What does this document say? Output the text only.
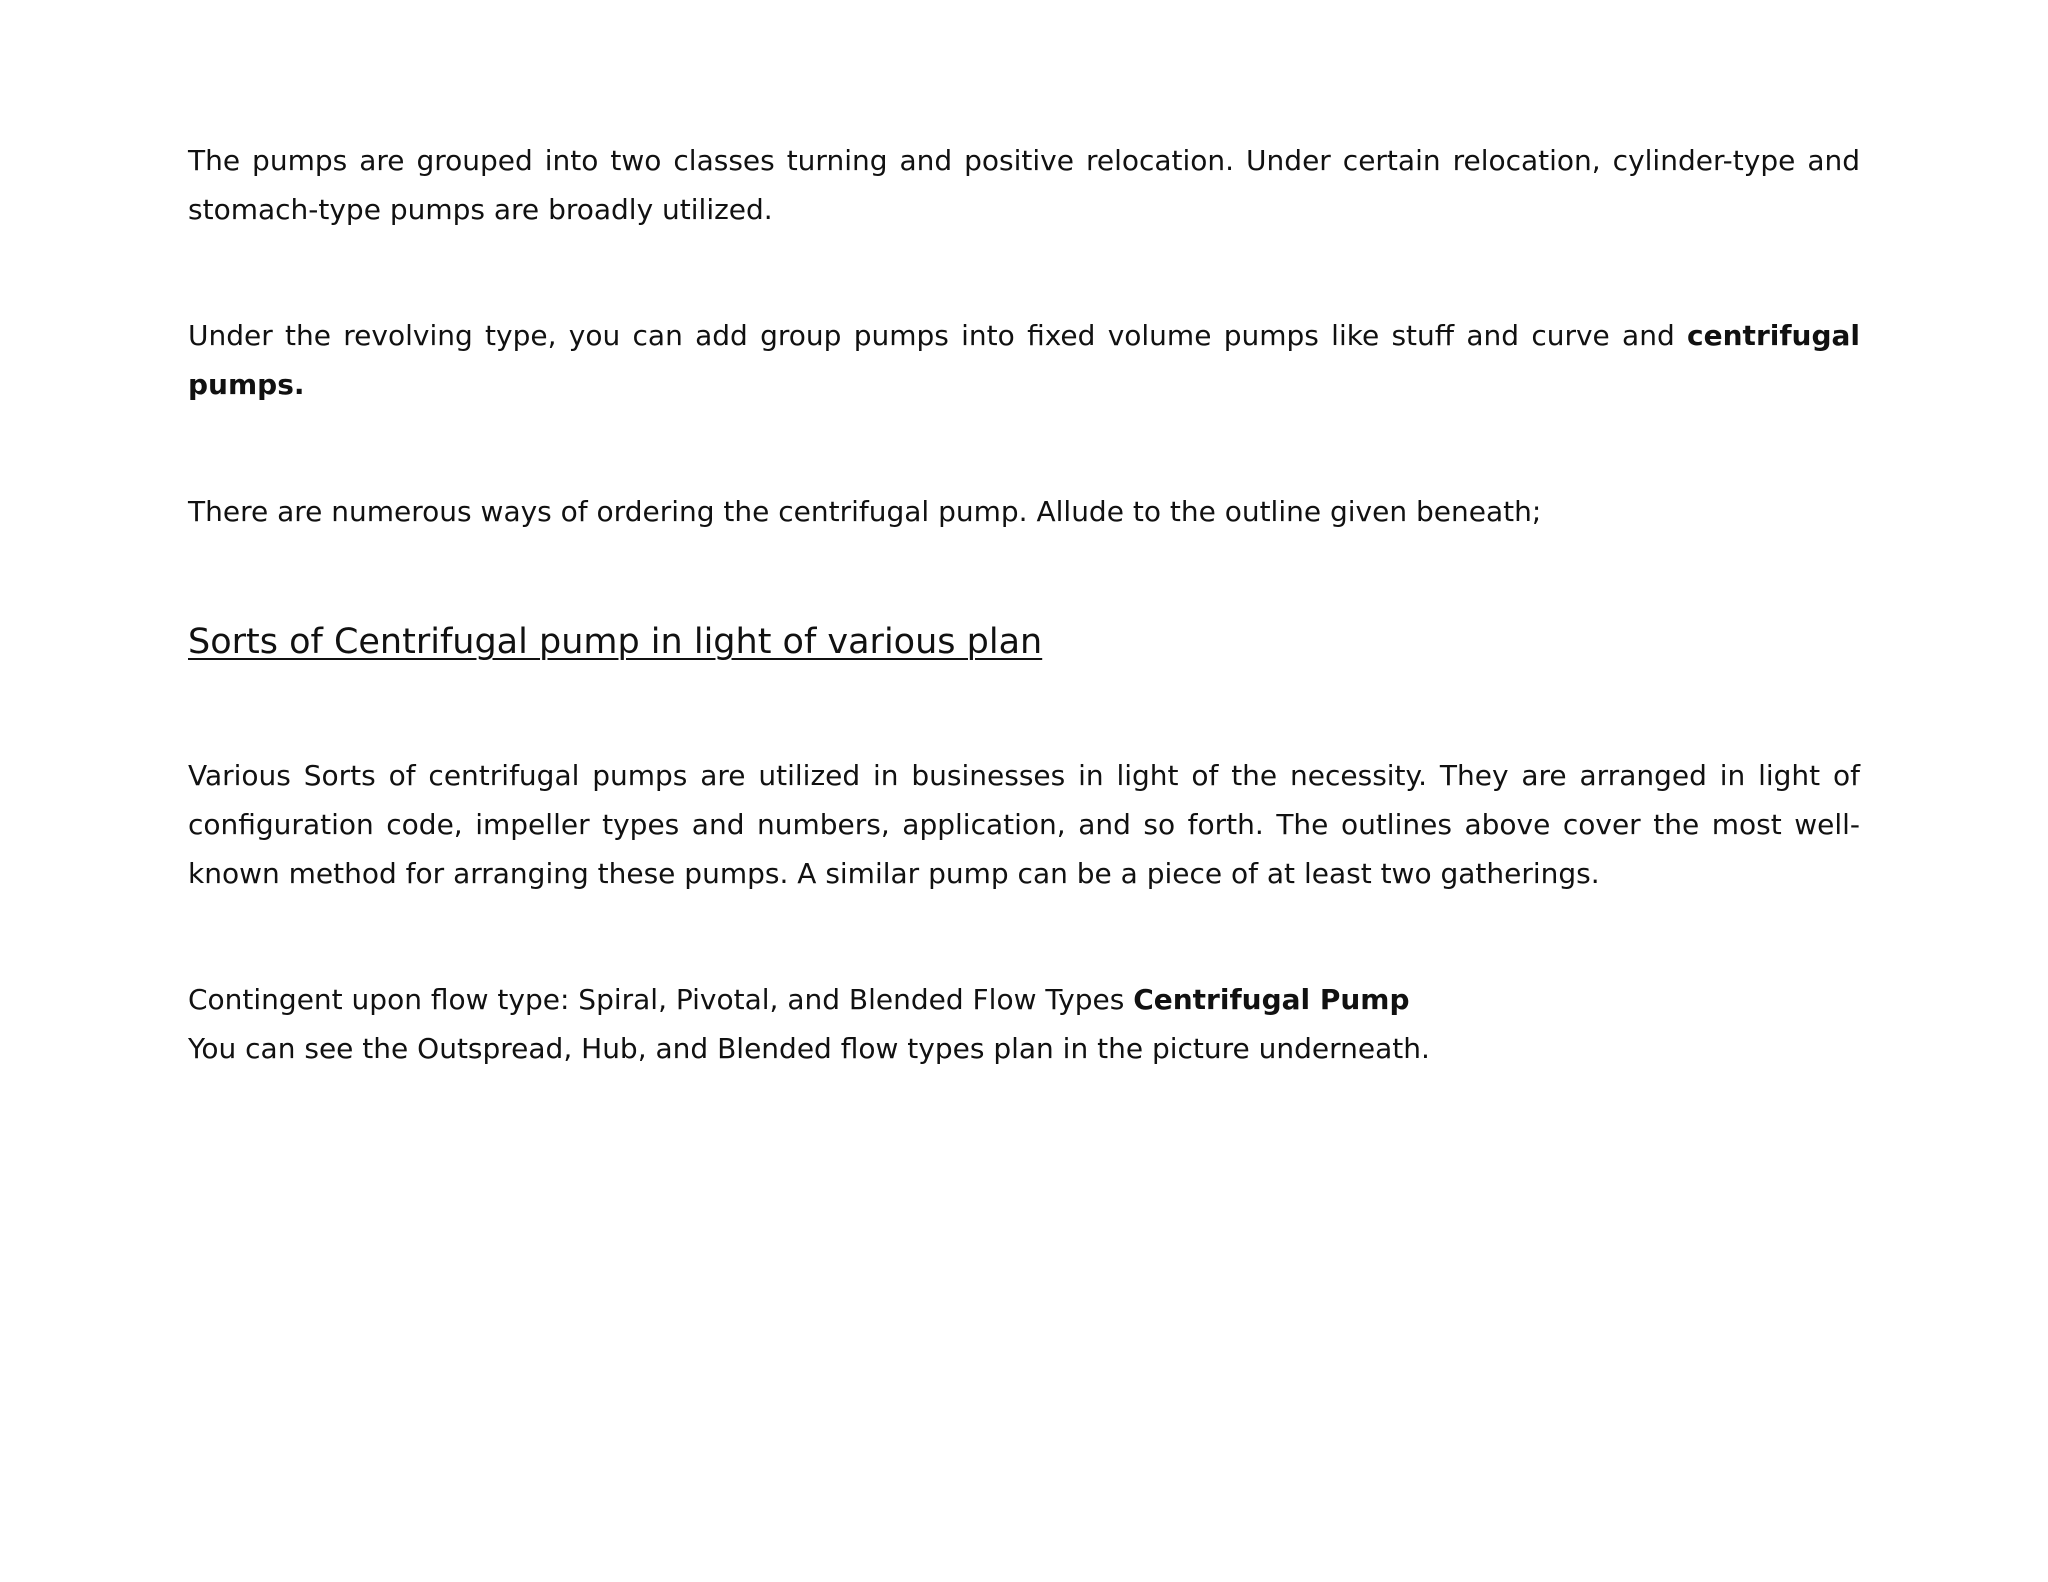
The pumps are grouped into two classes turning and positive relocation. Under certain relocation, cylinder-type and stomach-type pumps are broadly utilized.

Under the revolving type, you can add group pumps into fixed volume pumps like stuff and curve and centrifugal pumps.

There are numerous ways of ordering the centrifugal pump. Allude to the outline given beneath;

Sorts of Centrifugal pump in light of various plan

Various Sorts of centrifugal pumps are utilized in businesses in light of the necessity. They are arranged in light of configuration code, impeller types and numbers, application, and so forth. The outlines above cover the most well-known method for arranging these pumps. A similar pump can be a piece of at least two gatherings.

Contingent upon flow type: Spiral, Pivotal, and Blended Flow Types Centrifugal Pump
You can see the Outspread, Hub, and Blended flow types plan in the picture underneath.
